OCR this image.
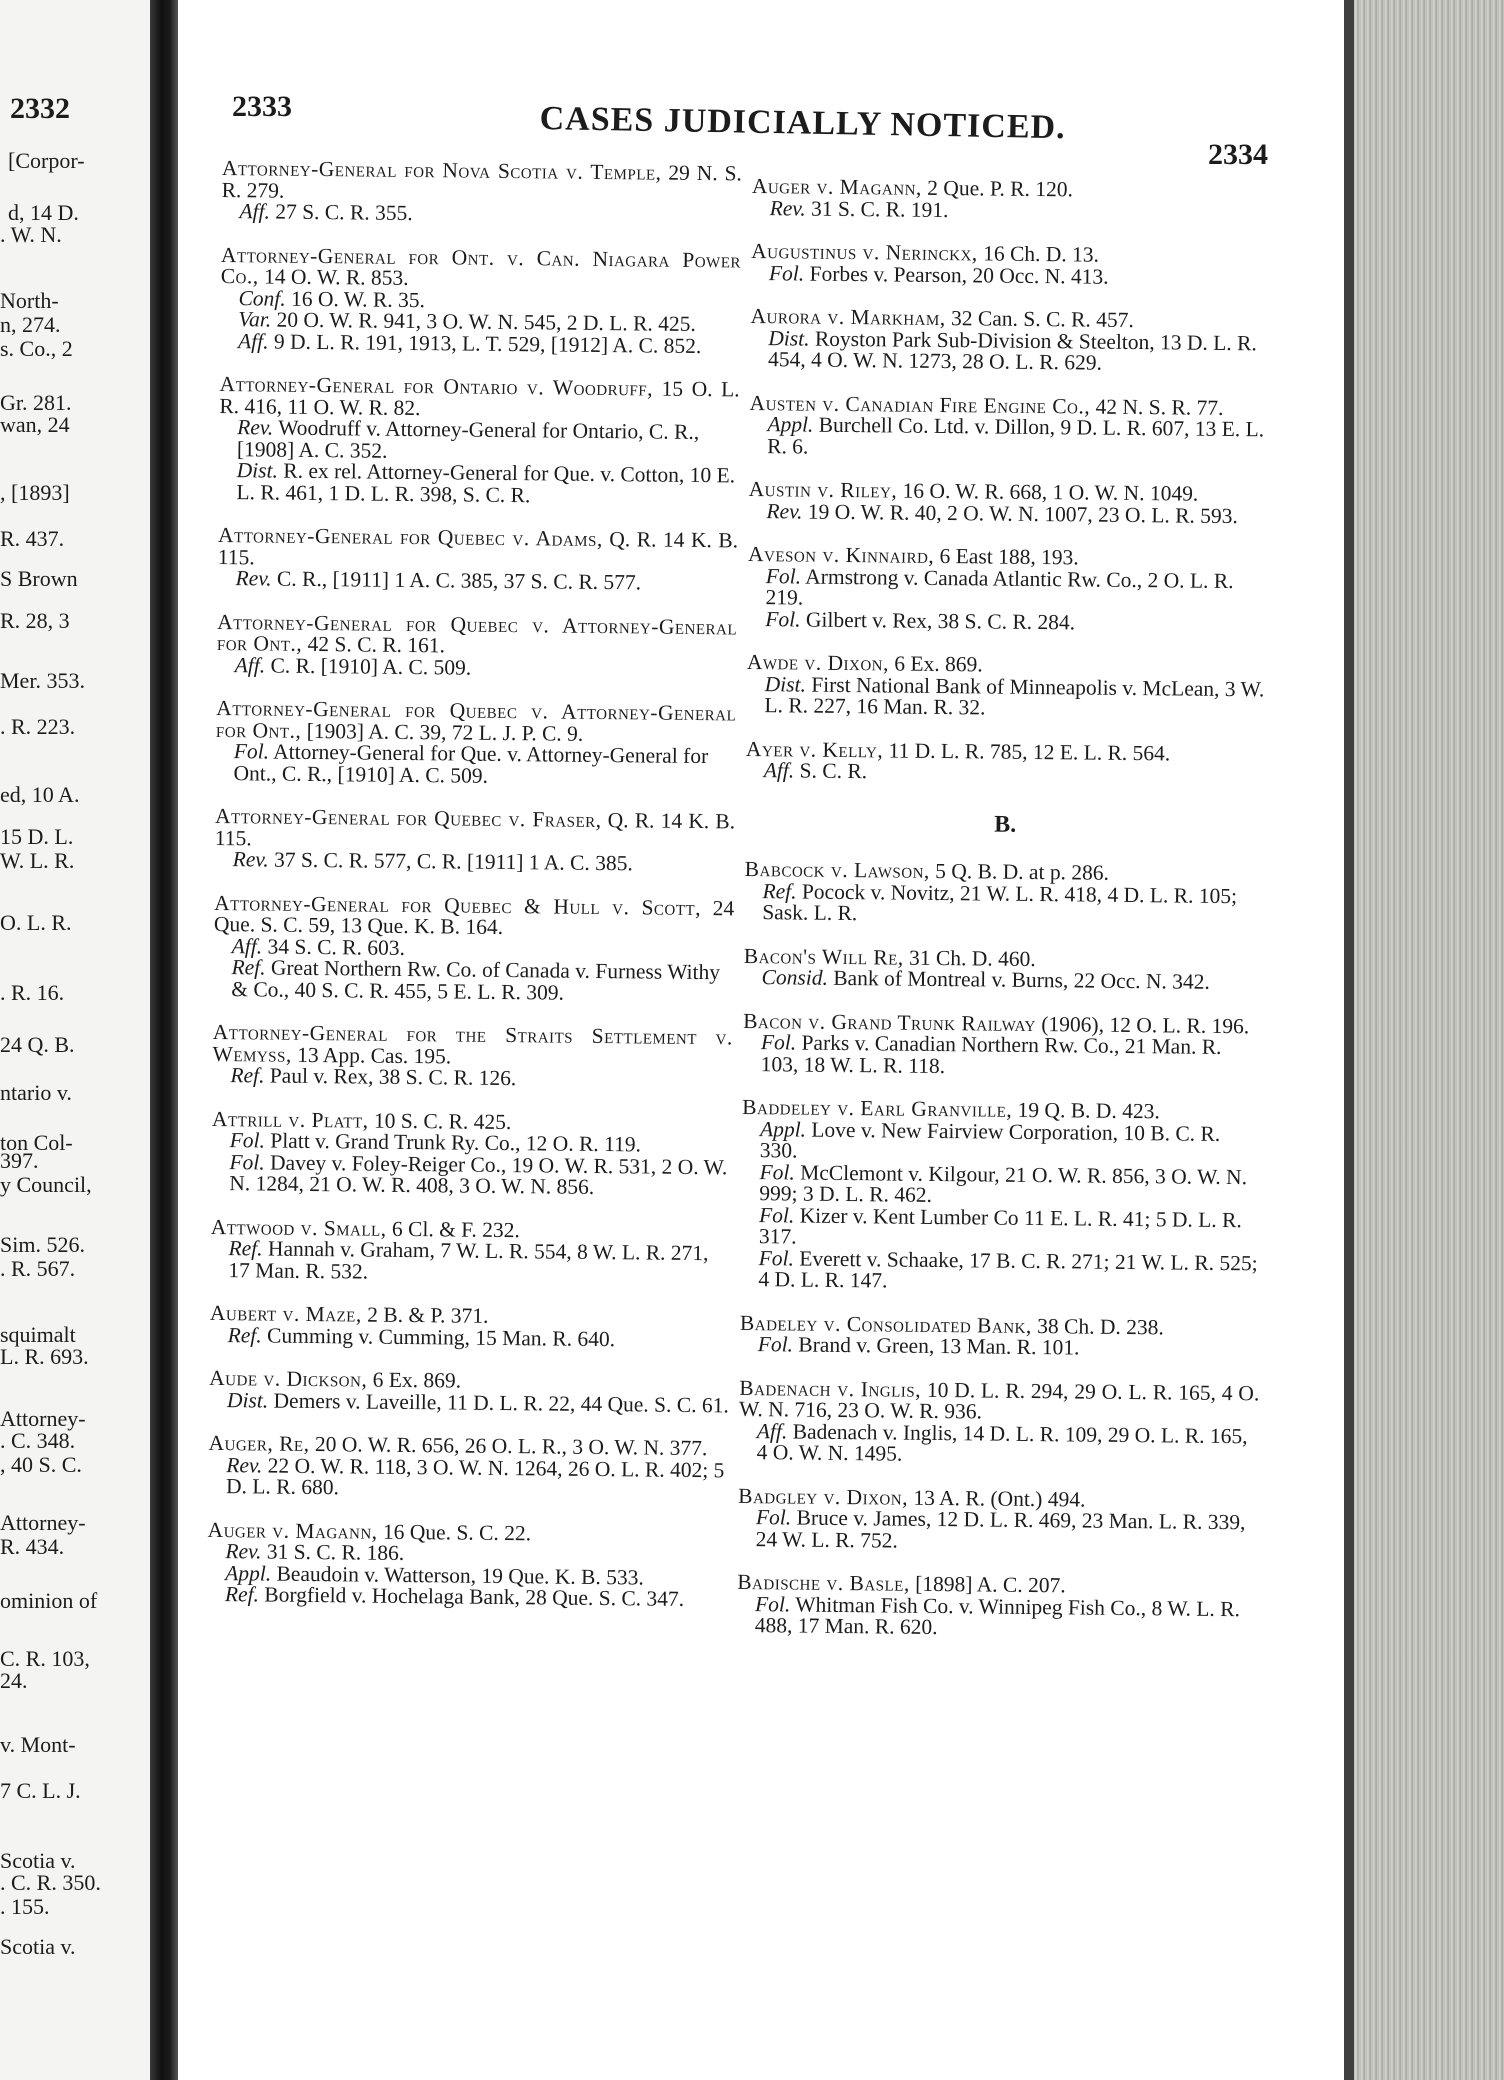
2332
[Corpor-
d, 14 D.
. W. N.
North-
n, 274.
s. Co., 2
Gr. 281.
wan, 24
, [1893]
R. 437.
S Brown
R. 28, 3
Mer. 353.
. R. 223.
ed, 10 A.
15 D. L.
W. L. R.
O. L. R.
. R. 16.
24 Q. B.
ntario v.
ton Col-
397.
y Council,
Sim. 526.
. R. 567.
squimalt
L. R. 693.
Attorney-
. C. 348.
, 40 S. C.
Attorney-
R. 434.
ominion of
C. R. 103,
24.
v. Mont-
7 C. L. J.
Scotia v.
. C. R. 350.
. 155.
Scotia v.
2333	CASES JUDICIALLY NOTICED.
2334
Attorney-General for Nova Scotia v. Temple, 29 N. S. R. 279.
Aff. 27 S. C. R. 355.
Attorney-General for Ont. v. Can. Niagara Power Co., 14 O. W. R. 853.
Conf. 16 O. W. R. 35.
Var. 20 O. W. R. 941, 3 O. W. N. 545, 2 D. L. R. 425.
Aff. 9 D. L. R. 191, 1913, L. T. 529, [1912] A. C. 852.
Attorney-General for Ontario v. Woodruff, 15 O. L. R. 416, 11 O. W. R. 82.
Rev. Woodruff v. Attorney-General for Ontario, C. R., [1908] A. C. 352.
Dist. R. ex rel. Attorney-General for Que. v. Cotton, 10 E. L. R. 461, 1 D. L. R. 398, S. C. R.
Attorney-General for Quebec v. Adams, Q. R. 14 K. B. 115.
Rev. C. R., [1911] 1 A. C. 385, 37 S. C. R. 577.
Attorney-General for Quebec v. Attorney-General for Ont., 42 S. C. R. 161.
Aff. C. R. [1910] A. C. 509.
Attorney-General for Quebec v. Attorney-General for Ont., [1903] A. C. 39, 72 L. J. P. C. 9.
Fol. Attorney-General for Que. v. Attorney-General for Ont., C. R., [1910] A. C. 509.
Attorney-General for Quebec v. Fraser, Q. R. 14 K. B. 115.
Rev. 37 S. C. R. 577, C. R. [1911] 1 A. C. 385.
Attorney-General for Quebec & Hull v. Scott, 24 Que. S. C. 59, 13 Que. K. B. 164.
Aff. 34 S. C. R. 603.
Ref. Great Northern Rw. Co. of Canada v. Furness Withy & Co., 40 S. C. R. 455, 5 E. L. R. 309.
Attorney-General for the Straits Settlement v. Wemyss, 13 App. Cas. 195.
Ref. Paul v. Rex, 38 S. C. R. 126.
Attrill v. Platt, 10 S. C. R. 425.
Fol. Platt v. Grand Trunk Ry. Co., 12 O. R. 119.
Fol. Davey v. Foley-Reiger Co., 19 O. W. R. 531, 2 O. W. N. 1284, 21 O. W. R. 408, 3 O. W. N. 856.
Attwood v. Small, 6 Cl. & F. 232.
Ref. Hannah v. Graham, 7 W. L. R. 554, 8 W. L. R. 271, 17 Man. R. 532.
Aubert v. Maze, 2 B. & P. 371.
Ref. Cumming v. Cumming, 15 Man. R. 640.
Aude v. Dickson, 6 Ex. 869.
Dist. Demers v. Laveille, 11 D. L. R. 22, 44 Que. S. C. 61.
Auger, Re, 20 O. W. R. 656, 26 O. L. R., 3 O. W. N. 377.
Rev. 22 O. W. R. 118, 3 O. W. N. 1264, 26 O. L. R. 402; 5 D. L. R. 680.
Auger v. Magann, 16 Que. S. C. 22.
Rev. 31 S. C. R. 186.
Appl. Beaudoin v. Watterson, 19 Que. K. B. 533.
Ref. Borgfield v. Hochelaga Bank, 28 Que. S. C. 347.
Auger v. Magann, 2 Que. P. R. 120.
Rev. 31 S. C. R. 191.
Augustinus v. Nerinckx, 16 Ch. D. 13.
Fol. Forbes v. Pearson, 20 Occ. N. 413.
Aurora v. Markham, 32 Can. S. C. R. 457.
Dist. Royston Park Sub-Division & Steelton, 13 D. L. R. 454, 4 O. W. N. 1273, 28 O. L. R. 629.
Austen v. Canadian Fire Engine Co., 42 N. S. R. 77.
Appl. Burchell Co. Ltd. v. Dillon, 9 D. L. R. 607, 13 E. L. R. 6.
Austin v. Riley, 16 O. W. R. 668, 1 O. W. N. 1049.
Rev. 19 O. W. R. 40, 2 O. W. N. 1007, 23 O. L. R. 593.
Aveson v. Kinnaird, 6 East 188, 193.
Fol. Armstrong v. Canada Atlantic Rw. Co., 2 O. L. R. 219.
Fol. Gilbert v. Rex, 38 S. C. R. 284.
Awde v. Dixon, 6 Ex. 869.
Dist. First National Bank of Minneapolis v. McLean, 3 W. L. R. 227, 16 Man. R. 32.
Ayer v. Kelly, 11 D. L. R. 785, 12 E. L. R. 564.
Aff. S. C. R.
B.
Babcock v. Lawson, 5 Q. B. D. at p. 286.
Ref. Pocock v. Novitz, 21 W. L. R. 418, 4 D. L. R. 105; Sask. L. R.
Bacon's Will Re, 31 Ch. D. 460.
Consid. Bank of Montreal v. Burns, 22 Occ. N. 342.
Bacon v. Grand Trunk Railway (1906), 12 O. L. R. 196.
Fol. Parks v. Canadian Northern Rw. Co., 21 Man. R. 103, 18 W. L. R. 118.
Baddeley v. Earl Granville, 19 Q. B. D. 423.
Appl. Love v. New Fairview Corporation, 10 B. C. R. 330.
Fol. McClemont v. Kilgour, 21 O. W. R. 856, 3 O. W. N. 999; 3 D. L. R. 462.
Fol. Kizer v. Kent Lumber Co 11 E. L. R. 41; 5 D. L. R. 317.
Fol. Everett v. Schaake, 17 B. C. R. 271; 21 W. L. R. 525; 4 D. L. R. 147.
Badeley v. Consolidated Bank, 38 Ch. D. 238.
Fol. Brand v. Green, 13 Man. R. 101.
Badenach v. Inglis, 10 D. L. R. 294, 29 O. L. R. 165, 4 O. W. N. 716, 23 O. W. R. 936.
Aff. Badenach v. Inglis, 14 D. L. R. 109, 29 O. L. R. 165, 4 O. W. N. 1495.
Badgley v. Dixon, 13 A. R. (Ont.) 494.
Fol. Bruce v. James, 12 D. L. R. 469, 23 Man. L. R. 339, 24 W. L. R. 752.
Badische v. Basle, [1898] A. C. 207.
Fol. Whitman Fish Co. v. Winnipeg Fish Co., 8 W. L. R. 488, 17 Man. R. 620.
